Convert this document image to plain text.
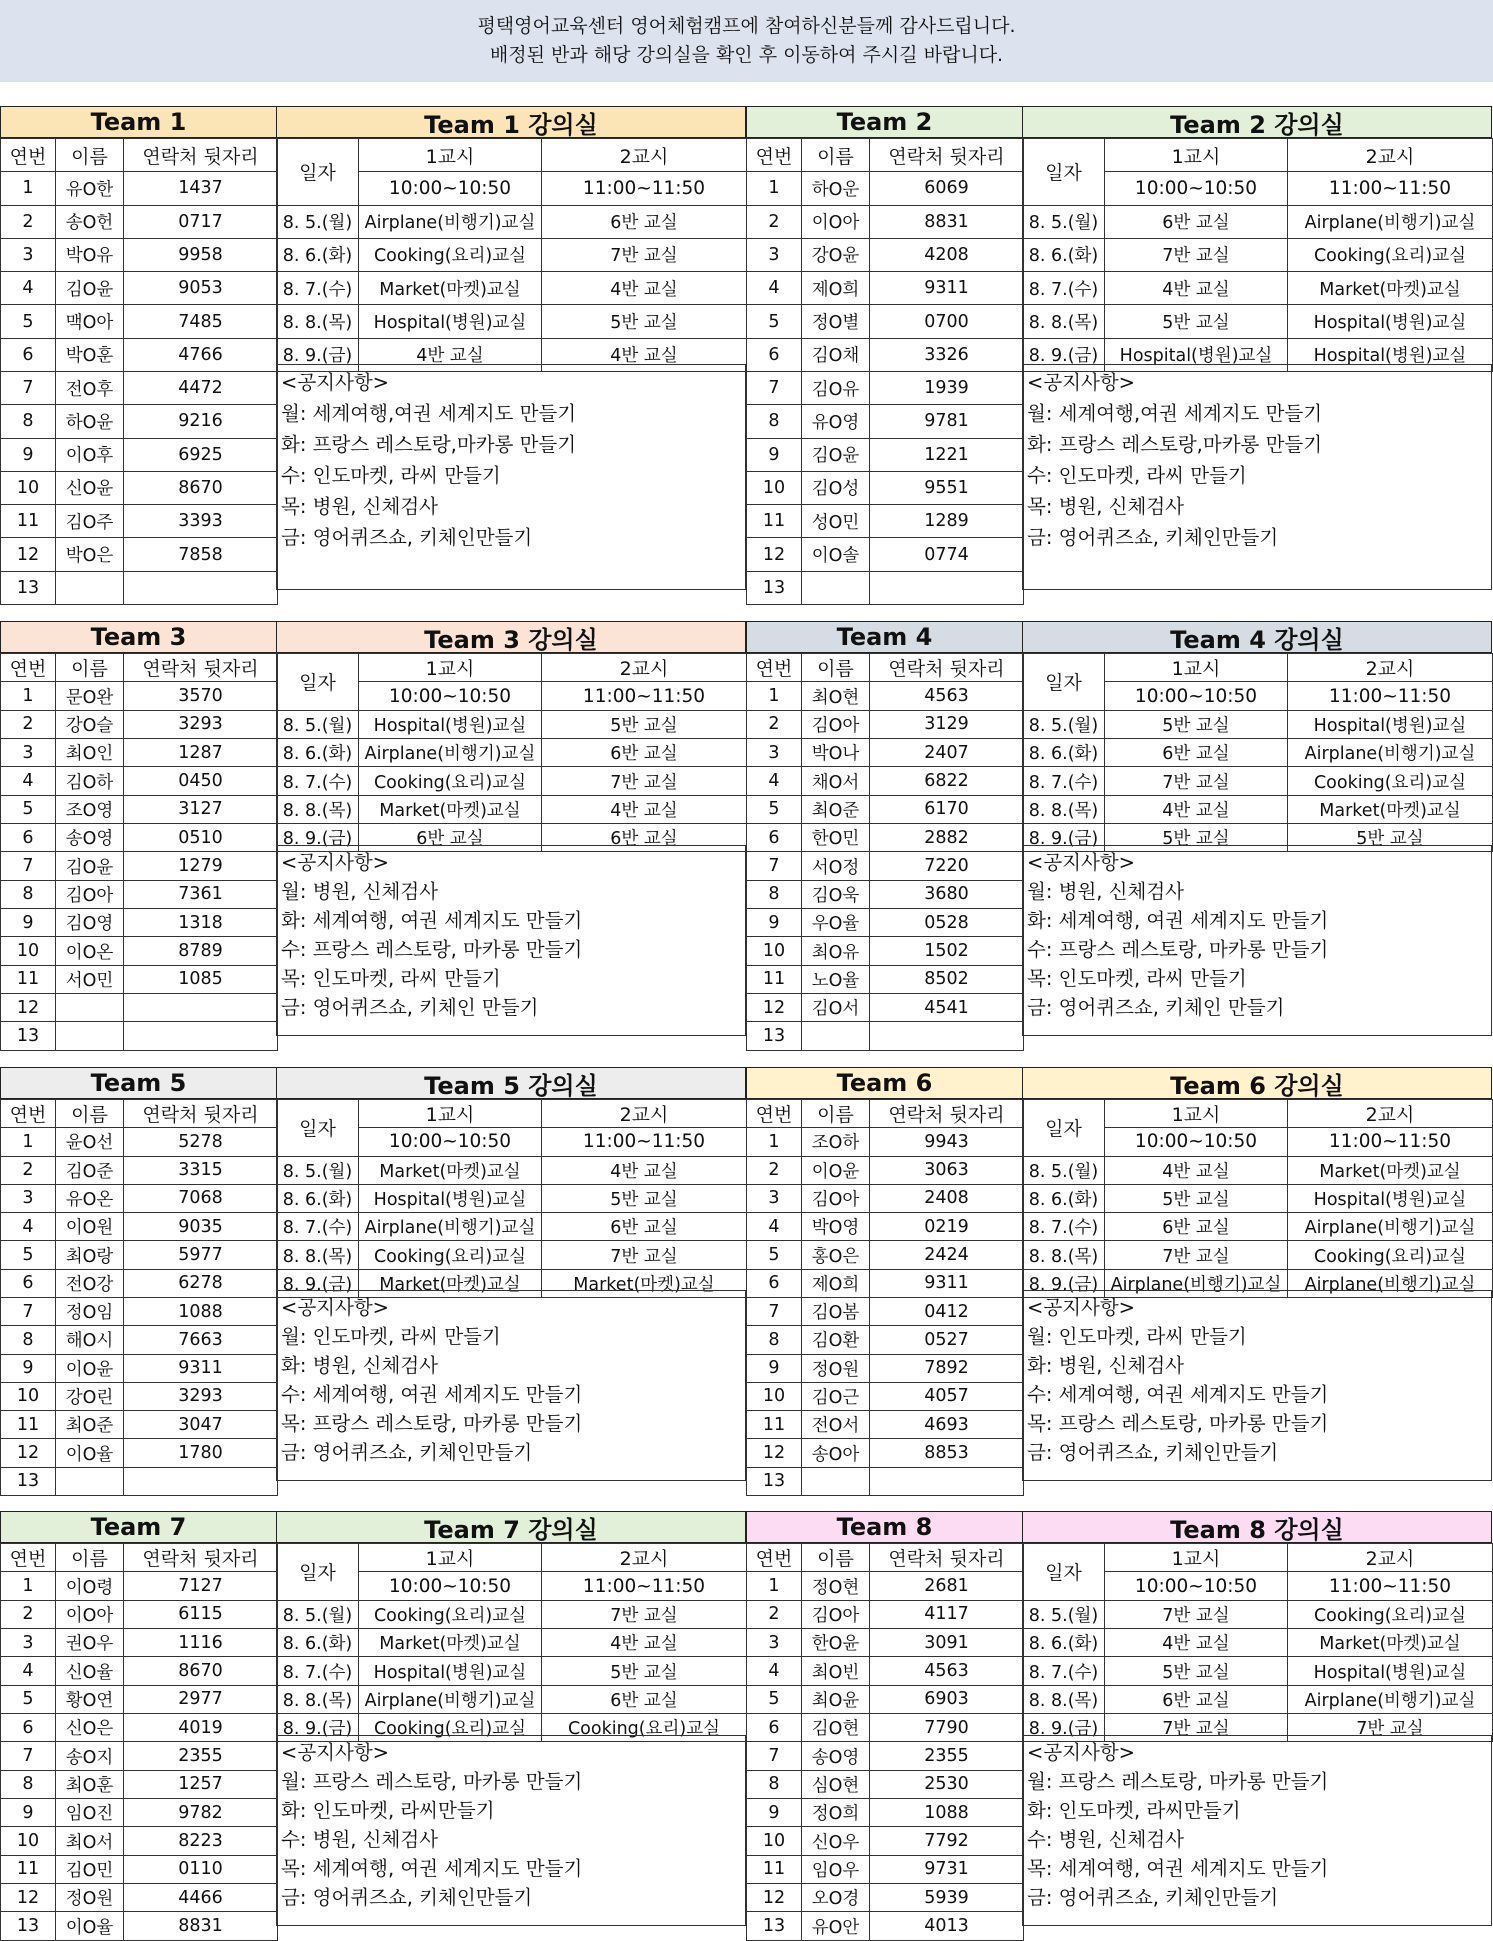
평택영어교육센터 영어체험캠프에 참여하신분들께 감사드립니다.
배정된 반과 해당 강의실을 확인 후 이동하여 주시길 바랍니다.
Team 1	Team 1 강의실
연번	이름	연락처 뒷자리
1	유O한	1437
2	송O헌	0717
3	박O유	9958
4	김O윤	9053
5	맥O아	7485
6	박O훈	4766
7	전O후	4472
8	하O윤	9216
9	이O후	6925
10	신O윤	8670
11	김O주	3393
12	박O은	7858
13		
일자	1교시	2교시
	10:00~10:50	11:00~11:50
8. 5.(월)	Airplane(비행기)교실	6반 교실
8. 6.(화)	Cooking(요리)교실	7반 교실
8. 7.(수)	Market(마켓)교실	4반 교실
8. 8.(목)	Hospital(병원)교실	5반 교실
8. 9.(금)	4반 교실	4반 교실
<공지사항>
월: 세계여행,여권 세계지도 만들기
화: 프랑스 레스토랑,마카롱 만들기
수: 인도마켓, 라씨 만들기
목: 병원, 신체검사
금: 영어퀴즈쇼, 키체인만들기
Team 2	Team 2 강의실
연번	이름	연락처 뒷자리
1	하O운	6069
2	이O아	8831
3	강O윤	4208
4	제O희	9311
5	정O별	0700
6	김O채	3326
7	김O유	1939
8	유O영	9781
9	김O윤	1221
10	김O성	9551
11	성O민	1289
12	이O솔	0774
13		
일자	1교시	2교시
	10:00~10:50	11:00~11:50
8. 5.(월)	6반 교실	Airplane(비행기)교실
8. 6.(화)	7반 교실	Cooking(요리)교실
8. 7.(수)	4반 교실	Market(마켓)교실
8. 8.(목)	5반 교실	Hospital(병원)교실
8. 9.(금)	Hospital(병원)교실	Hospital(병원)교실
<공지사항>
월: 세계여행,여권 세계지도 만들기
화: 프랑스 레스토랑,마카롱 만들기
수: 인도마켓, 라씨 만들기
목: 병원, 신체검사
금: 영어퀴즈쇼, 키체인만들기
Team 3	Team 3 강의실
연번	이름	연락처 뒷자리
1	문O완	3570
2	강O슬	3293
3	최O인	1287
4	김O하	0450
5	조O영	3127
6	송O영	0510
7	김O윤	1279
8	김O아	7361
9	김O영	1318
10	이O온	8789
11	서O민	1085
12		
13		
일자	1교시	2교시
	10:00~10:50	11:00~11:50
8. 5.(월)	Hospital(병원)교실	5반 교실
8. 6.(화)	Airplane(비행기)교실	6반 교실
8. 7.(수)	Cooking(요리)교실	7반 교실
8. 8.(목)	Market(마켓)교실	4반 교실
8. 9.(금)	6반 교실	6반 교실
<공지사항>
월: 병원, 신체검사
화: 세계여행, 여권 세계지도 만들기
수: 프랑스 레스토랑, 마카롱 만들기
목: 인도마켓, 라씨 만들기
금: 영어퀴즈쇼, 키체인 만들기
Team 4	Team 4 강의실
연번	이름	연락처 뒷자리
1	최O현	4563
2	김O아	3129
3	박O나	2407
4	채O서	6822
5	최O준	6170
6	한O민	2882
7	서O정	7220
8	김O욱	3680
9	우O율	0528
10	최O유	1502
11	노O율	8502
12	김O서	4541
13		
일자	1교시	2교시
	10:00~10:50	11:00~11:50
8. 5.(월)	5반 교실	Hospital(병원)교실
8. 6.(화)	6반 교실	Airplane(비행기)교실
8. 7.(수)	7반 교실	Cooking(요리)교실
8. 8.(목)	4반 교실	Market(마켓)교실
8. 9.(금)	5반 교실	5반 교실
<공지사항>
월: 병원, 신체검사
화: 세계여행, 여권 세계지도 만들기
수: 프랑스 레스토랑, 마카롱 만들기
목: 인도마켓, 라씨 만들기
금: 영어퀴즈쇼, 키체인 만들기
Team 5	Team 5 강의실
연번	이름	연락처 뒷자리
1	윤O선	5278
2	김O준	3315
3	유O온	7068
4	이O원	9035
5	최O랑	5977
6	전O강	6278
7	정O임	1088
8	해O시	7663
9	이O윤	9311
10	강O린	3293
11	최O준	3047
12	이O율	1780
13		
일자	1교시	2교시
	10:00~10:50	11:00~11:50
8. 5.(월)	Market(마켓)교실	4반 교실
8. 6.(화)	Hospital(병원)교실	5반 교실
8. 7.(수)	Airplane(비행기)교실	6반 교실
8. 8.(목)	Cooking(요리)교실	7반 교실
8. 9.(금)	Market(마켓)교실	Market(마켓)교실
<공지사항>
월: 인도마켓, 라씨 만들기
화: 병원, 신체검사
수: 세계여행, 여권 세계지도 만들기
목: 프랑스 레스토랑, 마카롱 만들기
금: 영어퀴즈쇼, 키체인만들기
Team 6	Team 6 강의실
연번	이름	연락처 뒷자리
1	조O하	9943
2	이O윤	3063
3	김O아	2408
4	박O영	0219
5	홍O은	2424
6	제O희	9311
7	김O봄	0412
8	김O환	0527
9	정O원	7892
10	김O근	4057
11	전O서	4693
12	송O아	8853
13		
일자	1교시	2교시
	10:00~10:50	11:00~11:50
8. 5.(월)	4반 교실	Market(마켓)교실
8. 6.(화)	5반 교실	Hospital(병원)교실
8. 7.(수)	6반 교실	Airplane(비행기)교실
8. 8.(목)	7반 교실	Cooking(요리)교실
8. 9.(금)	Airplane(비행기)교실	Airplane(비행기)교실
<공지사항>
월: 인도마켓, 라씨 만들기
화: 병원, 신체검사
수: 세계여행, 여권 세계지도 만들기
목: 프랑스 레스토랑, 마카롱 만들기
금: 영어퀴즈쇼, 키체인만들기
Team 7	Team 7 강의실
연번	이름	연락처 뒷자리
1	이O령	7127
2	이O아	6115
3	권O우	1116
4	신O율	8670
5	황O연	2977
6	신O은	4019
7	송O지	2355
8	최O훈	1257
9	임O진	9782
10	최O서	8223
11	김O민	0110
12	정O원	4466
13	이O율	8831
일자	1교시	2교시
	10:00~10:50	11:00~11:50
8. 5.(월)	Cooking(요리)교실	7반 교실
8. 6.(화)	Market(마켓)교실	4반 교실
8. 7.(수)	Hospital(병원)교실	5반 교실
8. 8.(목)	Airplane(비행기)교실	6반 교실
8. 9.(금)	Cooking(요리)교실	Cooking(요리)교실
<공지사항>
월: 프랑스 레스토랑, 마카롱 만들기
화: 인도마켓, 라씨만들기
수: 병원, 신체검사
목: 세계여행, 여권 세계지도 만들기
금: 영어퀴즈쇼, 키체인만들기
Team 8	Team 8 강의실
연번	이름	연락처 뒷자리
1	정O현	2681
2	김O아	4117
3	한O윤	3091
4	최O빈	4563
5	최O윤	6903
6	김O현	7790
7	송O영	2355
8	심O현	2530
9	정O희	1088
10	신O우	7792
11	임O우	9731
12	오O경	5939
13	유O안	4013
일자	1교시	2교시
	10:00~10:50	11:00~11:50
8. 5.(월)	7반 교실	Cooking(요리)교실
8. 6.(화)	4반 교실	Market(마켓)교실
8. 7.(수)	5반 교실	Hospital(병원)교실
8. 8.(목)	6반 교실	Airplane(비행기)교실
8. 9.(금)	7반 교실	7반 교실
<공지사항>
월: 프랑스 레스토랑, 마카롱 만들기
화: 인도마켓, 라씨만들기
수: 병원, 신체검사
목: 세계여행, 여권 세계지도 만들기
금: 영어퀴즈쇼, 키체인만들기
